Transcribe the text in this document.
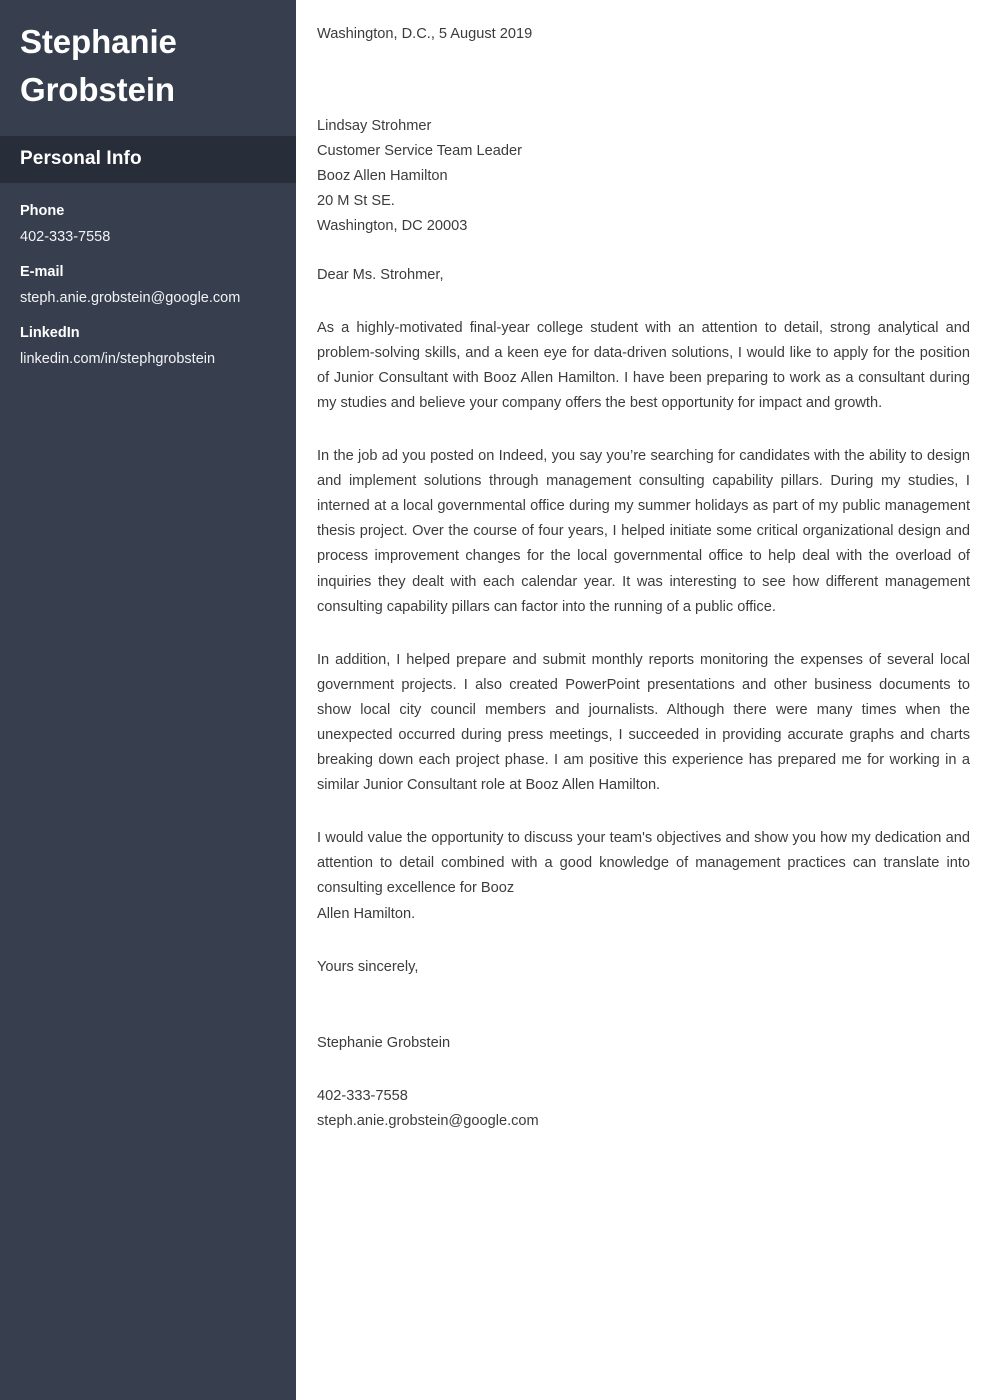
Stephanie Grobstein
Personal Info
Phone
402-333-7558
E-mail
steph.anie.grobstein@google.com
LinkedIn
linkedin.com/in/stephgrobstein

Washington, D.C., 5 August 2019

Lindsay Strohmer
Customer Service Team Leader
Booz Allen Hamilton
20 M St SE.
Washington, DC 20003

Dear Ms. Strohmer,

As a highly-motivated final-year college student with an attention to detail, strong analytical and problem-solving skills, and a keen eye for data-driven solutions, I would like to apply for the position of Junior Consultant with Booz Allen Hamilton. I have been preparing to work as a consultant during my studies and believe your company offers the best opportunity for impact and growth.

In the job ad you posted on Indeed, you say you’re searching for candidates with the ability to design and implement solutions through management consulting capability pillars. During my studies, I interned at a local governmental office during my summer holidays as part of my public management thesis project. Over the course of four years, I helped initiate some critical organizational design and process improvement changes for the local governmental office to help deal with the overload of inquiries they dealt with each calendar year. It was interesting to see how different management consulting capability pillars can factor into the running of a public office.

In addition, I helped prepare and submit monthly reports monitoring the expenses of several local government projects. I also created PowerPoint presentations and other business documents to show local city council members and journalists. Although there were many times when the unexpected occurred during press meetings, I succeeded in providing accurate graphs and charts breaking down each project phase. I am positive this experience has prepared me for working in a similar Junior Consultant role at Booz Allen Hamilton.

I would value the opportunity to discuss your team's objectives and show you how my dedication and attention to detail combined with a good knowledge of management practices can translate into consulting excellence for Booz
Allen Hamilton.

Yours sincerely,

Stephanie Grobstein

402-333-7558
steph.anie.grobstein@google.com
